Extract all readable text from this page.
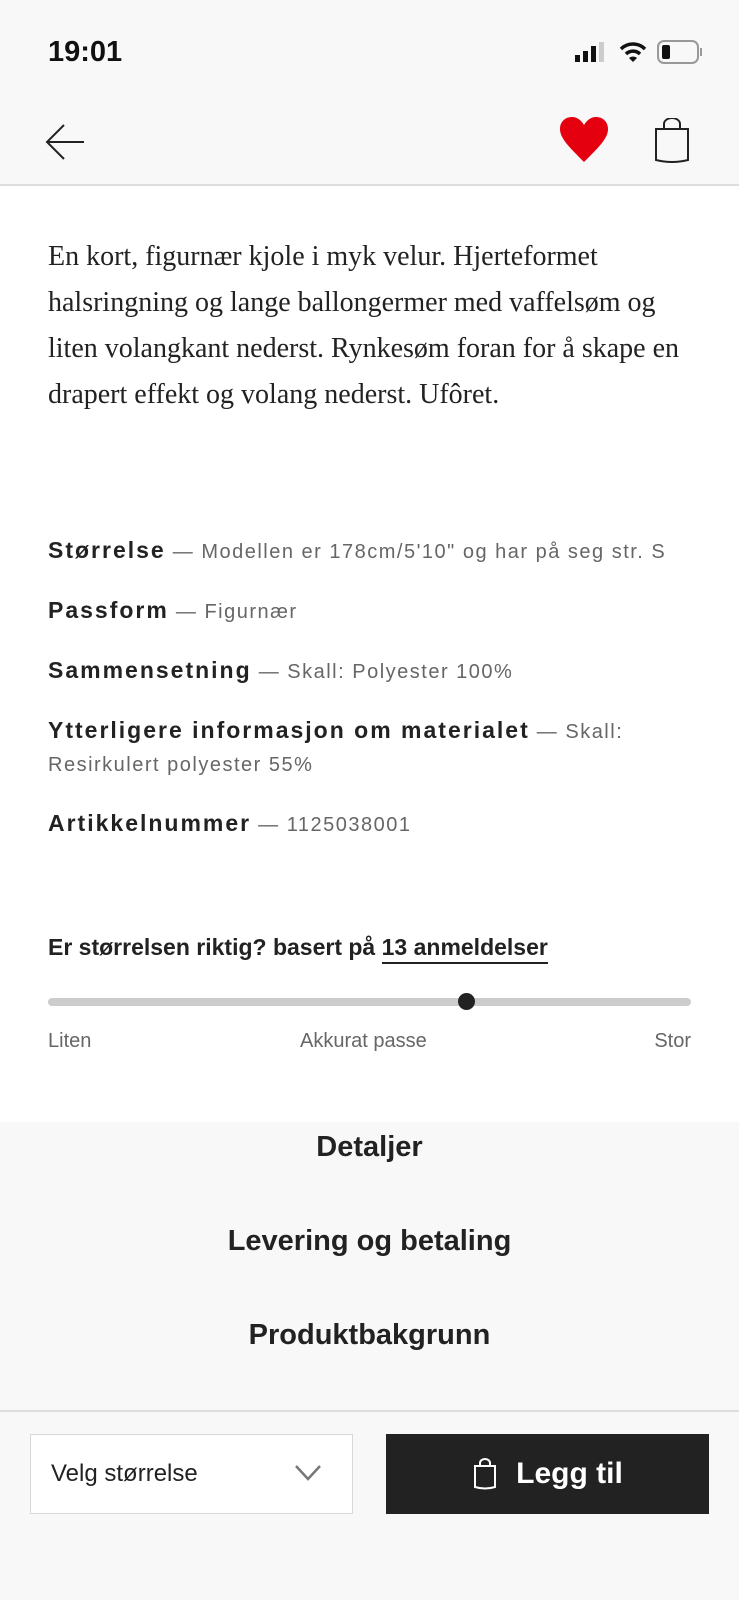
19:01

En kort, figurnær kjole i myk velur. Hjerteformet halsringning og lange ballongermer med vaffelsøm og liten volangkant nederst. Rynkesøm foran for å skape en drapert effekt og volang nederst. Ufôret.

Størrelse — Modellen er 178cm/5'10" og har på seg str. S
Passform — Figurnær
Sammensetning — Skall: Polyester 100%
Ytterligere informasjon om materialet — Skall: Resirkulert polyester 55%
Artikkelnummer — 1125038001
Er størrelsen riktig? basert på 13 anmeldelser
Liten	Akkurat passe	Stor
Detaljer
Levering og betaling
Produktbakgrunn
Velg størrelse	Legg til
